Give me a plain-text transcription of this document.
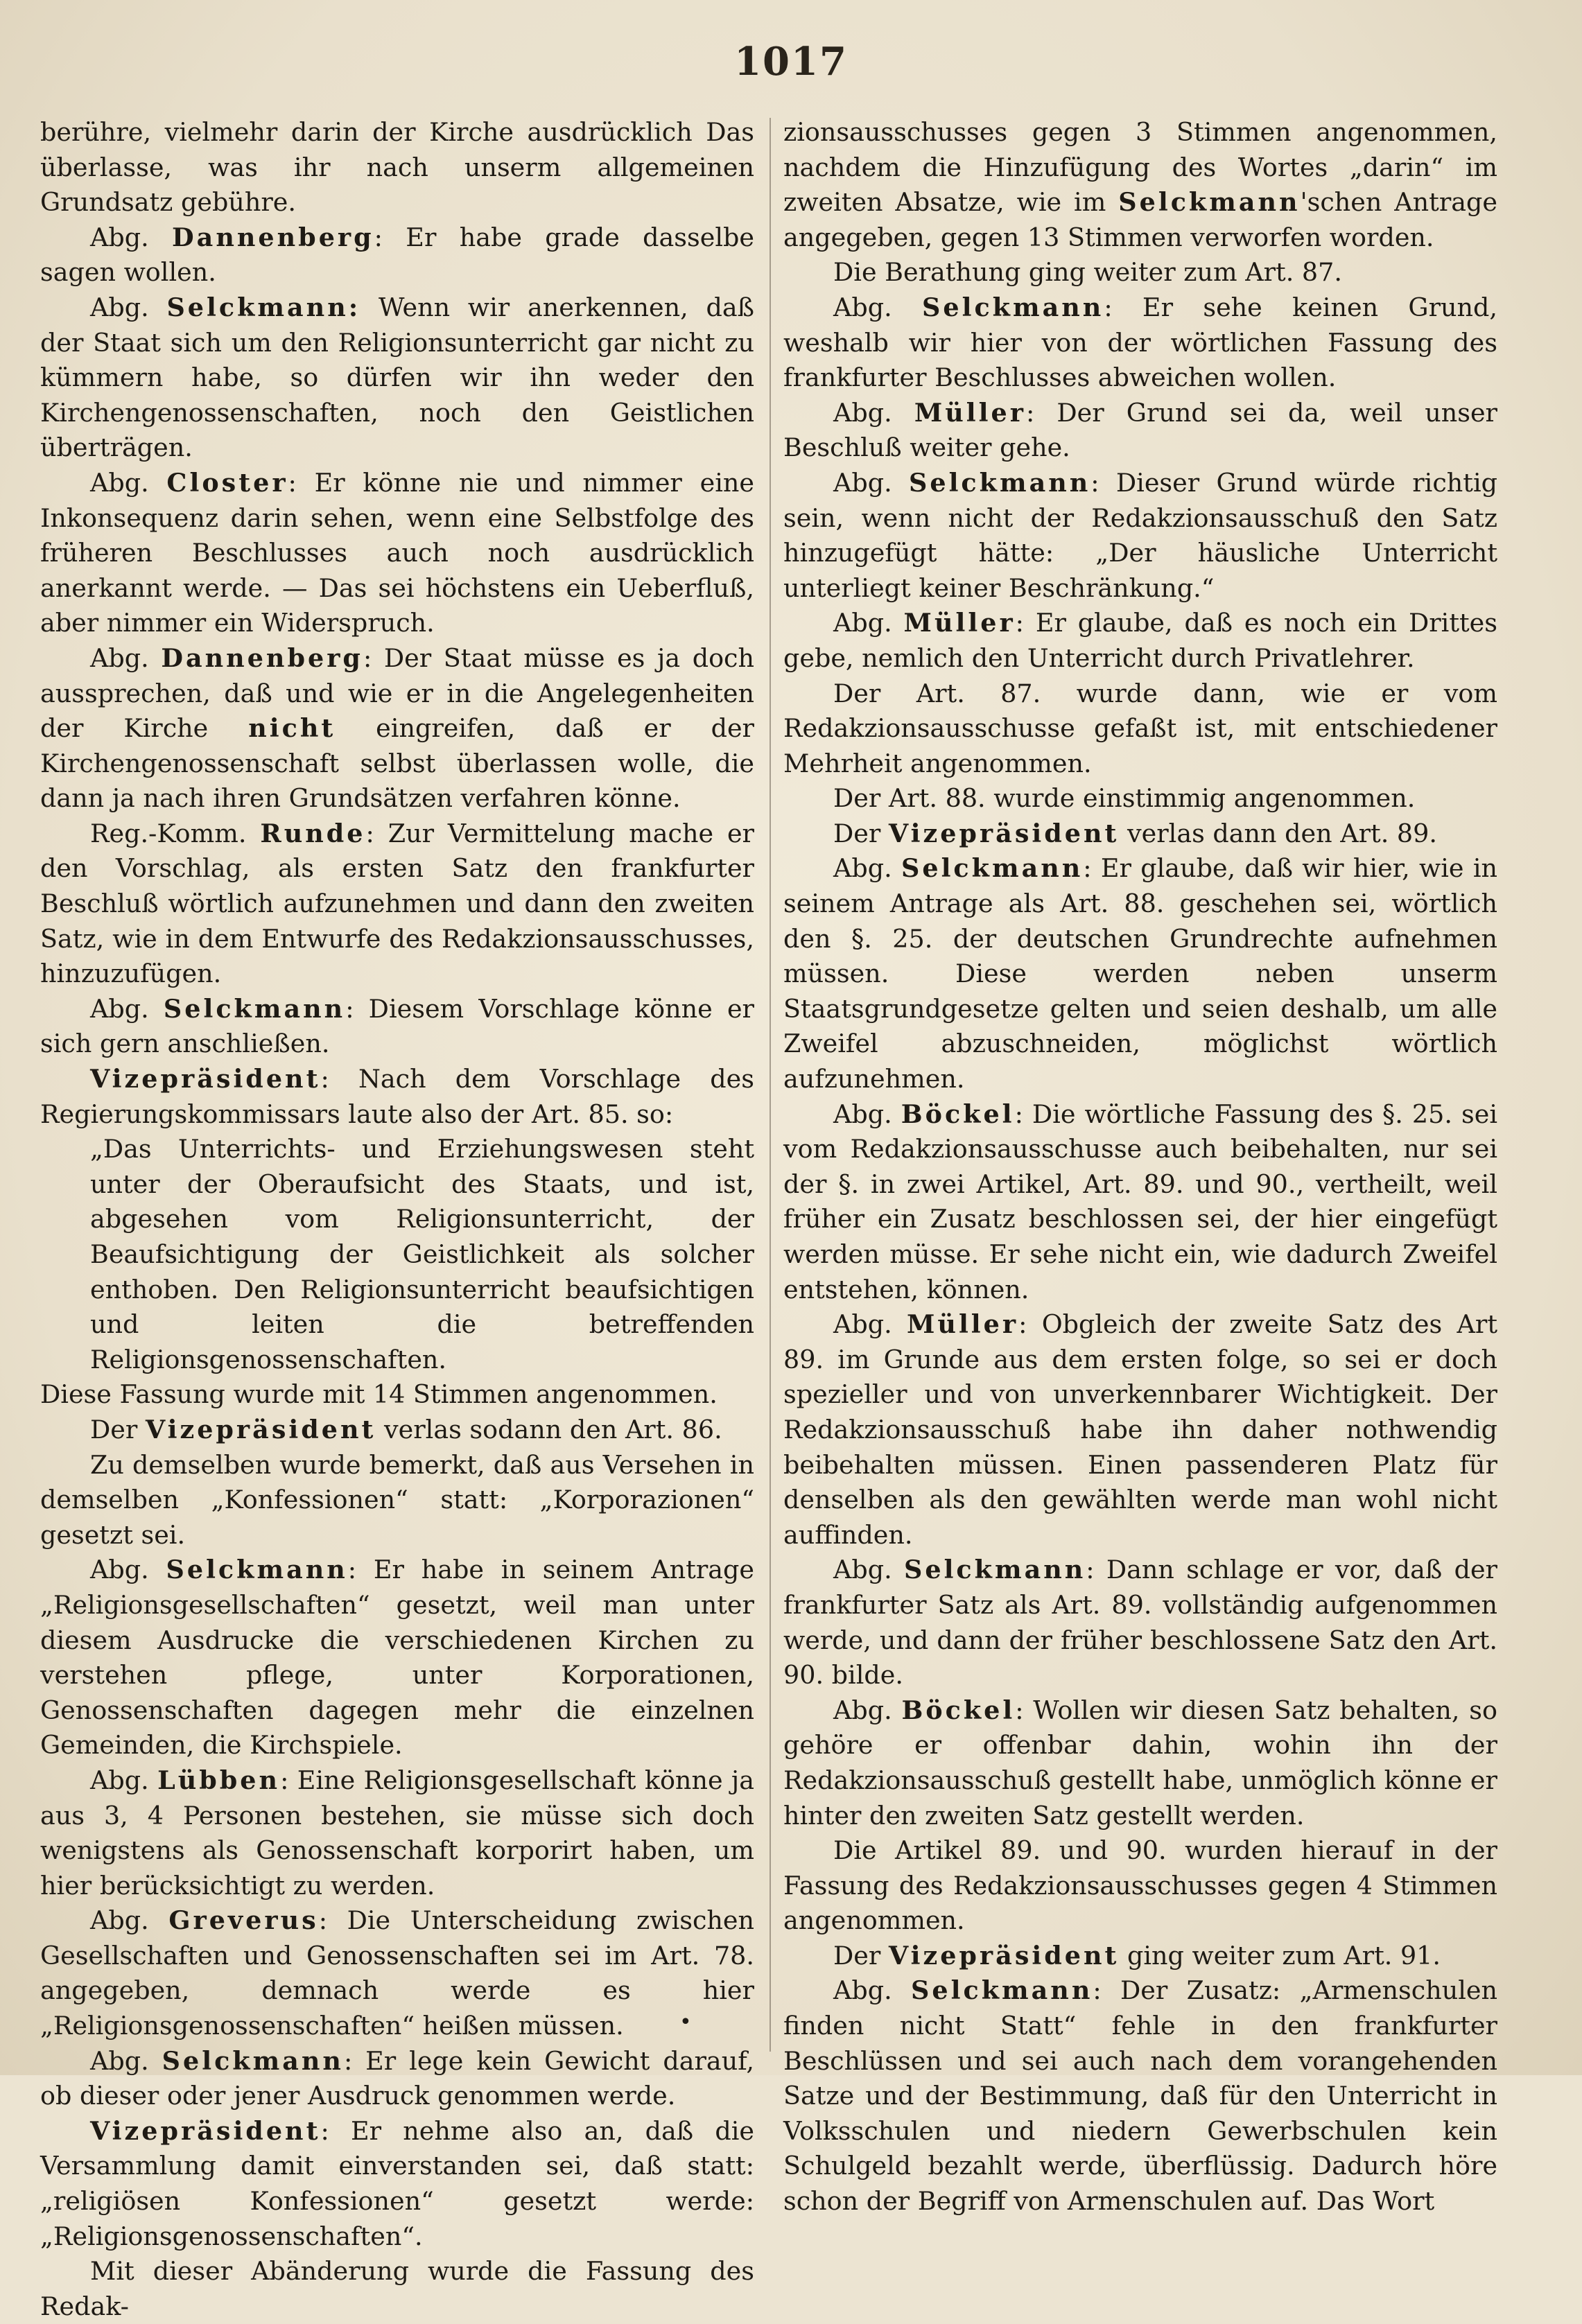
1017

berühre, vielmehr darin der Kirche ausdrücklich Das überlasse, was ihr nach unserm allgemeinen Grundsatz gebühre.

Abg. Dannenberg: Er habe grade dasselbe sagen wollen.

Abg. Selckmann: Wenn wir anerkennen, daß der Staat sich um den Religionsunterricht gar nicht zu kümmern habe, so dürfen wir ihn weder den Kirchengenossenschaften, noch den Geistlichen überträgen.

Abg. Closter: Er könne nie und nimmer eine Inkonsequenz darin sehen, wenn eine Selbstfolge des früheren Beschlusses auch noch ausdrücklich anerkannt werde. — Das sei höchstens ein Ueberfluß, aber nimmer ein Widerspruch.

Abg. Dannenberg: Der Staat müsse es ja doch aussprechen, daß und wie er in die Angelegenheiten der Kirche nicht eingreifen, daß er der Kirchengenossenschaft selbst überlassen wolle, die dann ja nach ihren Grundsätzen verfahren könne.

Reg.-Komm. Runde: Zur Vermittelung mache er den Vorschlag, als ersten Satz den frankfurter Beschluß wörtlich aufzunehmen und dann den zweiten Satz, wie in dem Entwurfe des Redakzionsausschusses, hinzuzufügen.

Abg. Selckmann: Diesem Vorschlage könne er sich gern anschließen.

Vizepräsident: Nach dem Vorschlage des Regierungskommissars laute also der Art. 85. so:

„Das Unterrichts- und Erziehungswesen steht unter der Oberaufsicht des Staats, und ist, abgesehen vom Religionsunterricht, der Beaufsichtigung der Geistlichkeit als solcher enthoben. Den Religionsunterricht beaufsichtigen und leiten die betreffenden Religionsgenossenschaften.

Diese Fassung wurde mit 14 Stimmen angenommen.

Der Vizepräsident verlas sodann den Art. 86.

Zu demselben wurde bemerkt, daß aus Versehen in demselben „Konfessionen“ statt: „Korporazionen“ gesetzt sei.

Abg. Selckmann: Er habe in seinem Antrage „Religionsgesellschaften“ gesetzt, weil man unter diesem Ausdrucke die verschiedenen Kirchen zu verstehen pflege, unter Korporationen, Genossenschaften dagegen mehr die einzelnen Gemeinden, die Kirchspiele.

Abg. Lübben: Eine Religionsgesellschaft könne ja aus 3, 4 Personen bestehen, sie müsse sich doch wenigstens als Genossenschaft korporirt haben, um hier berücksichtigt zu werden.

Abg. Greverus: Die Unterscheidung zwischen Gesellschaften und Genossenschaften sei im Art. 78. angegeben, demnach werde es hier „Religionsgenossenschaften“ heißen müssen.

Abg. Selckmann: Er lege kein Gewicht darauf, ob dieser oder jener Ausdruck genommen werde.

Vizepräsident: Er nehme also an, daß die Versammlung damit einverstanden sei, daß statt: „religiösen Konfessionen“ gesetzt werde: „Religionsgenossenschaften“.

Mit dieser Abänderung wurde die Fassung des Redak-

zionsausschusses gegen 3 Stimmen angenommen, nachdem die Hinzufügung des Wortes „darin“ im zweiten Absatze, wie im Selckmann'schen Antrage angegeben, gegen 13 Stimmen verworfen worden.

Die Berathung ging weiter zum Art. 87.

Abg. Selckmann: Er sehe keinen Grund, weshalb wir hier von der wörtlichen Fassung des frankfurter Beschlusses abweichen wollen.

Abg. Müller: Der Grund sei da, weil unser Beschluß weiter gehe.

Abg. Selckmann: Dieser Grund würde richtig sein, wenn nicht der Redakzionsausschuß den Satz hinzugefügt hätte: „Der häusliche Unterricht unterliegt keiner Beschränkung.“

Abg. Müller: Er glaube, daß es noch ein Drittes gebe, nemlich den Unterricht durch Privatlehrer.

Der Art. 87. wurde dann, wie er vom Redakzionsausschusse gefaßt ist, mit entschiedener Mehrheit angenommen.

Der Art. 88. wurde einstimmig angenommen.

Der Vizepräsident verlas dann den Art. 89.

Abg. Selckmann: Er glaube, daß wir hier, wie in seinem Antrage als Art. 88. geschehen sei, wörtlich den §. 25. der deutschen Grundrechte aufnehmen müssen. Diese werden neben unserm Staatsgrundgesetze gelten und seien deshalb, um alle Zweifel abzuschneiden, möglichst wörtlich aufzunehmen.

Abg. Böckel: Die wörtliche Fassung des §. 25. sei vom Redakzionsausschusse auch beibehalten, nur sei der §. in zwei Artikel, Art. 89. und 90., vertheilt, weil früher ein Zusatz beschlossen sei, der hier eingefügt werden müsse. Er sehe nicht ein, wie dadurch Zweifel entstehen, können.

Abg. Müller: Obgleich der zweite Satz des Art 89. im Grunde aus dem ersten folge, so sei er doch spezieller und von unverkennbarer Wichtigkeit. Der Redakzionsausschuß habe ihn daher nothwendig beibehalten müssen. Einen passenderen Platz für denselben als den gewählten werde man wohl nicht auffinden.

Abg. Selckmann: Dann schlage er vor, daß der frankfurter Satz als Art. 89. vollständig aufgenommen werde, und dann der früher beschlossene Satz den Art. 90. bilde.

Abg. Böckel: Wollen wir diesen Satz behalten, so gehöre er offenbar dahin, wohin ihn der Redakzionsausschuß gestellt habe, unmöglich könne er hinter den zweiten Satz gestellt werden.

Die Artikel 89. und 90. wurden hierauf in der Fassung des Redakzionsausschusses gegen 4 Stimmen angenommen.

Der Vizepräsident ging weiter zum Art. 91.

Abg. Selckmann: Der Zusatz: „Armenschulen finden nicht Statt“ fehle in den frankfurter Beschlüssen und sei auch nach dem vorangehenden Satze und der Bestimmung, daß für den Unterricht in Volksschulen und niedern Gewerbschulen kein Schulgeld bezahlt werde, überflüssig. Dadurch höre schon der Begriff von Armenschulen auf. Das Wort

•
